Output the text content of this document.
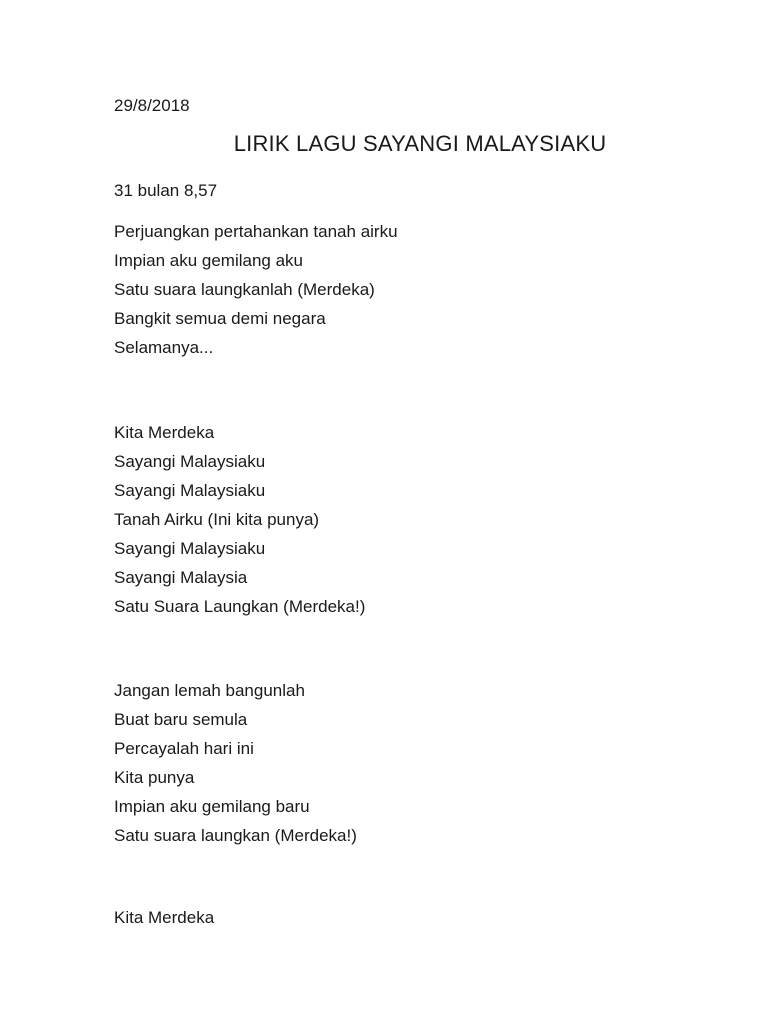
29/8/2018
LIRIK LAGU SAYANGI MALAYSIAKU
31 bulan 8,57
Perjuangkan pertahankan tanah airku
Impian aku gemilang aku
Satu suara laungkanlah (Merdeka)
Bangkit semua demi negara
Selamanya...
Kita Merdeka
Sayangi Malaysiaku
Sayangi Malaysiaku
Tanah Airku (Ini kita punya)
Sayangi Malaysiaku
Sayangi Malaysia
Satu Suara Laungkan (Merdeka!)
Jangan lemah bangunlah
Buat baru semula
Percayalah hari ini
Kita punya
Impian aku gemilang baru
Satu suara laungkan (Merdeka!)
Kita Merdeka
